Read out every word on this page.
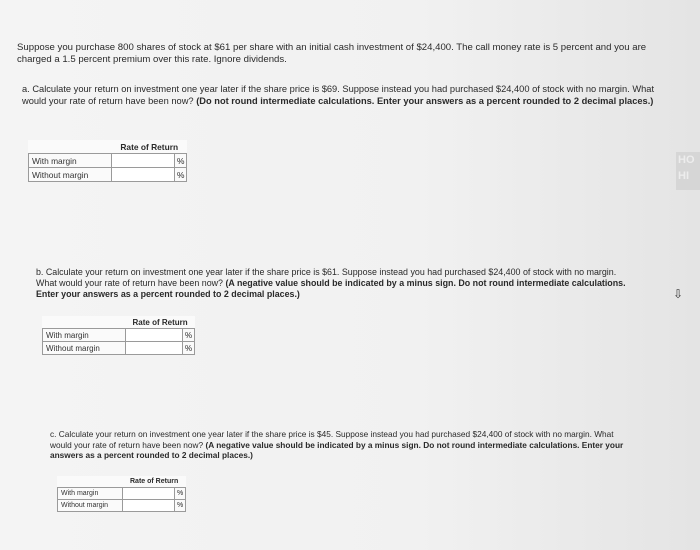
Suppose you purchase 800 shares of stock at $61 per share with an initial cash investment of $24,400. The call money rate is 5 percent and you are charged a 1.5 percent premium over this rate. Ignore dividends.
a. Calculate your return on investment one year later if the share price is $69. Suppose instead you had purchased $24,400 of stock with no margin. What would your rate of return have been now? (Do not round intermediate calculations. Enter your answers as a percent rounded to 2 decimal places.)
	Rate of Return	
With margin		%
Without margin		%
b. Calculate your return on investment one year later if the share price is $61. Suppose instead you had purchased $24,400 of stock with no margin. What would your rate of return have been now? (A negative value should be indicated by a minus sign. Do not round intermediate calculations. Enter your answers as a percent rounded to 2 decimal places.)
	Rate of Return	
With margin		%
Without margin		%
c. Calculate your return on investment one year later if the share price is $45. Suppose instead you had purchased $24,400 of stock with no margin. What would your rate of return have been now? (A negative value should be indicated by a minus sign. Do not round intermediate calculations. Enter your answers as a percent rounded to 2 decimal places.)
	Rate of Return	
With margin		%
Without margin		%
HO HI
⇩
